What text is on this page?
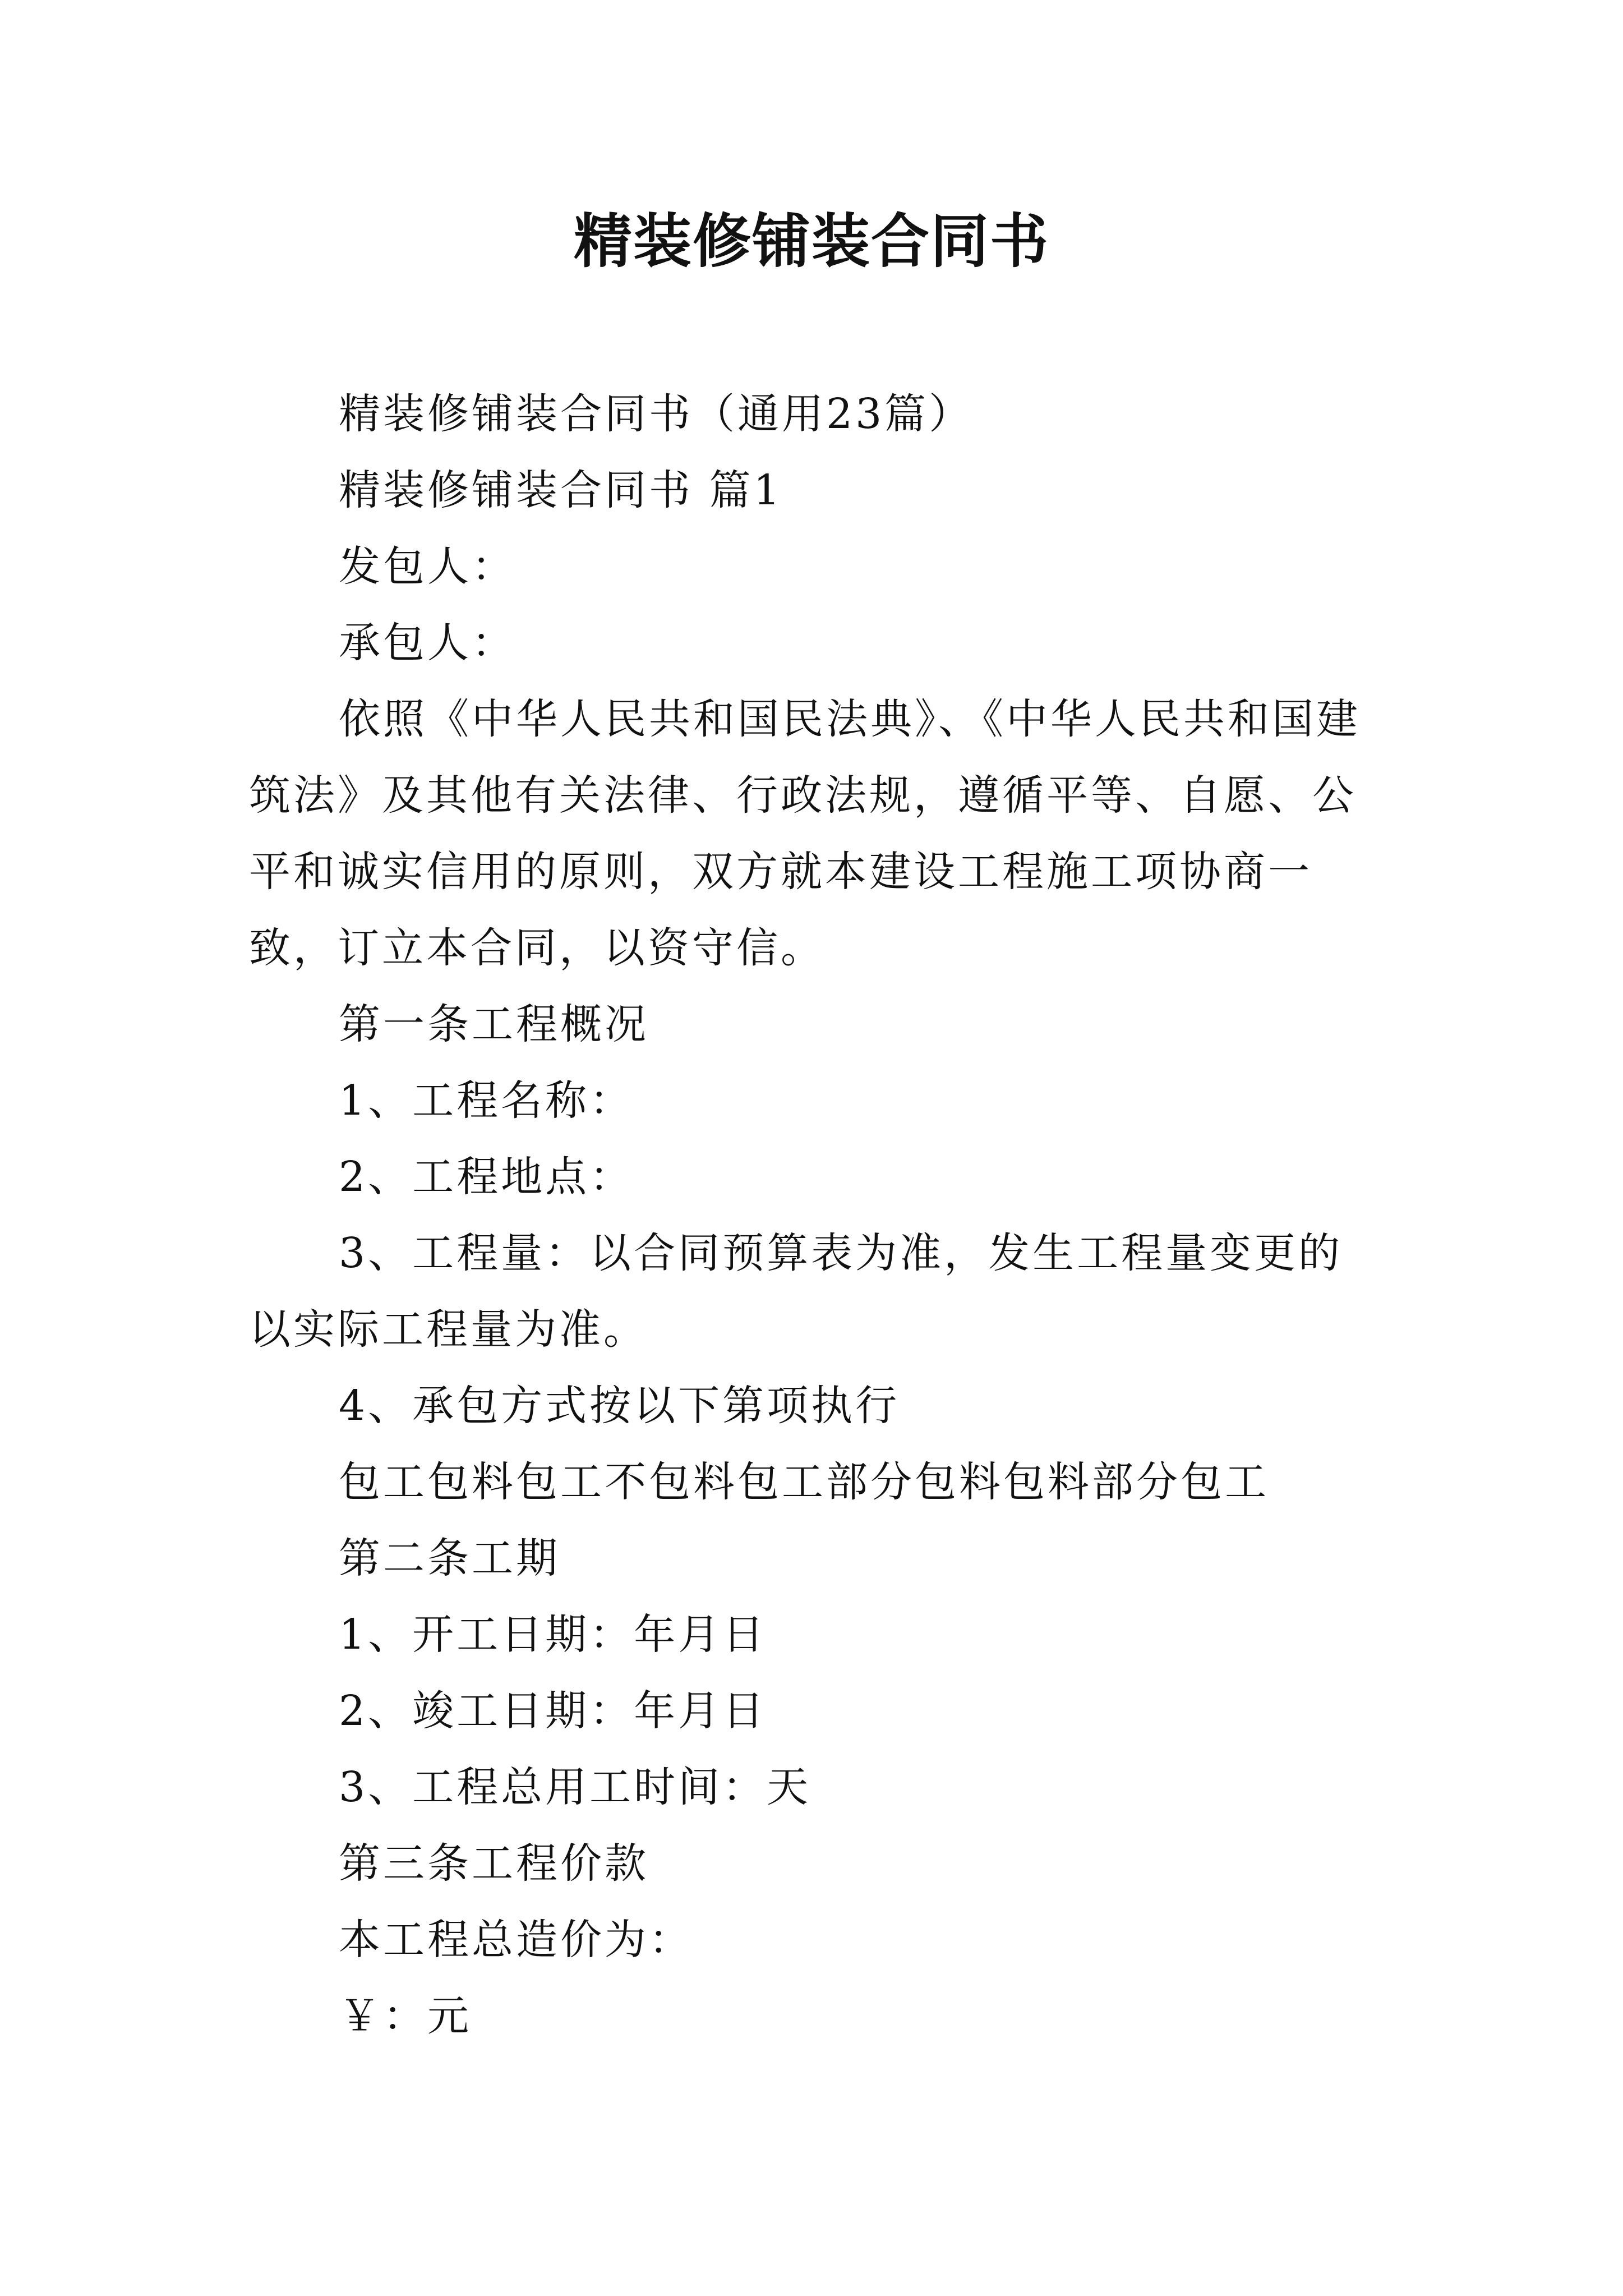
精装修铺装合同书

精装修铺装合同书（通用23篇）

精装修铺装合同书 篇1

发包人：

承包人：

依照《中华人民共和国民法典》、《中华人民共和国建筑法》及其他有关法律、行政法规，遵循平等、自愿、公平和诚实信用的原则，双方就本建设工程施工项协商一致，订立本合同，以资守信。

第一条工程概况

1、工程名称：

2、工程地点：

3、工程量：以合同预算表为准，发生工程量变更的以实际工程量为准。

4、承包方式按以下第项执行

包工包料包工不包料包工部分包料包料部分包工

第二条工期

1、开工日期：年月日

2、竣工日期：年月日

3、工程总用工时间：天

第三条工程价款

本工程总造价为：

￥：元
